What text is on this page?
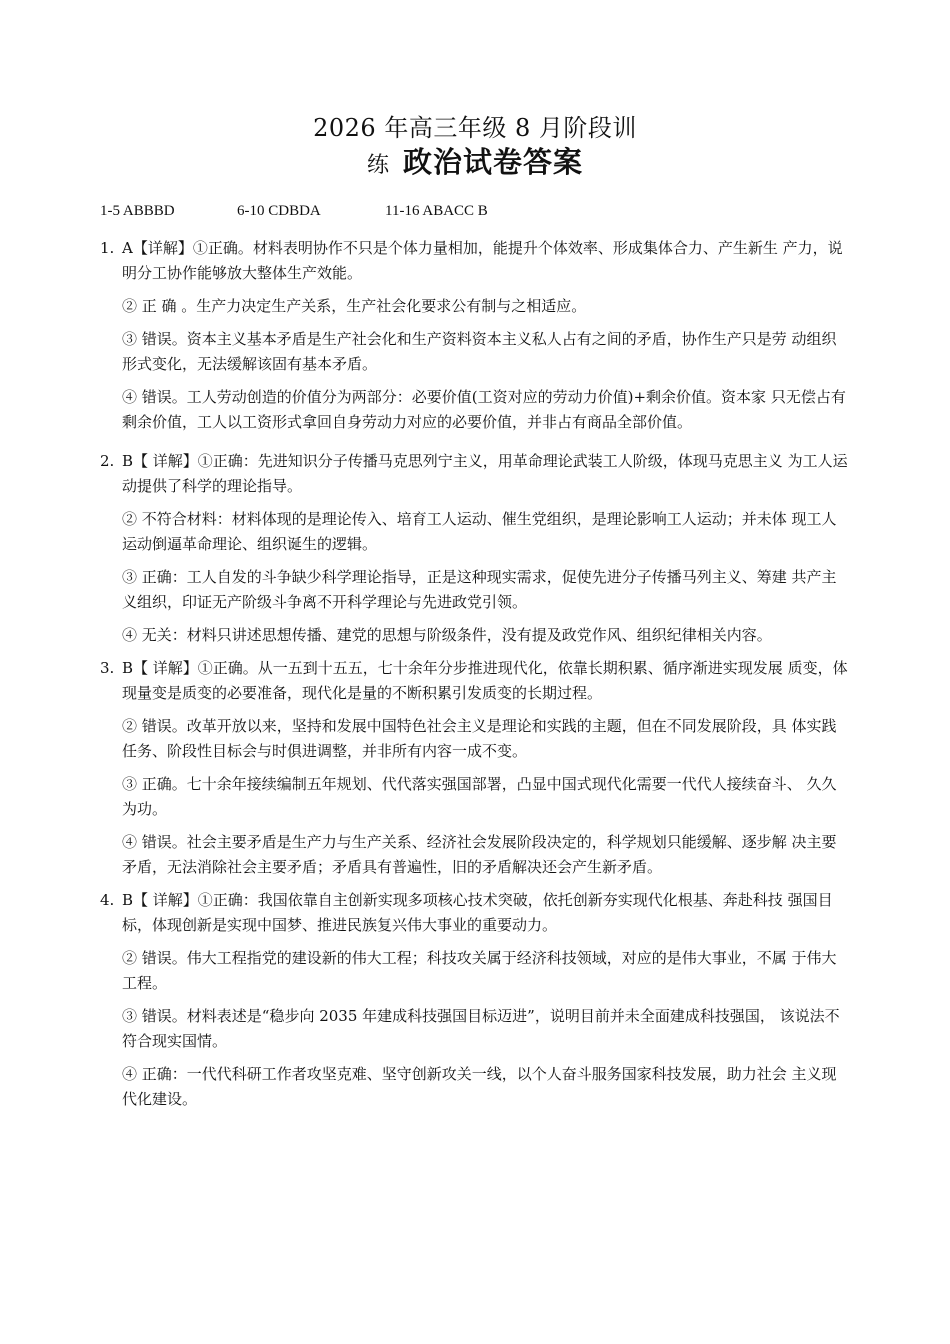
2026 年高三年级 8 月阶段训
练 政治试卷答案
1-5 ABBBD	6-10 CDBDA	11-16 ABACC B
1. A【详解】①正确。材料表明协作不只是个体力量相加，能提升个体效率、形成集体合力、产生新生 产力，说明分工协作能够放大整体生产效能。
② 正 确 。生产力决定生产关系，生产社会化要求公有制与之相适应。
③ 错误。资本主义基本矛盾是生产社会化和生产资料资本主义私人占有之间的矛盾，协作生产只是劳 动组织形式变化，无法缓解该固有基本矛盾。
④ 错误。工人劳动创造的价值分为两部分：必要价值(工资对应的劳动力价值)+剩余价值。资本家 只无偿占有剩余价值，工人以工资形式拿回自身劳动力对应的必要价值，并非占有商品全部价值。
2. B【 详解】①正确：先进知识分子传播马克思列宁主义，用革命理论武装工人阶级，体现马克思主义 为工人运动提供了科学的理论指导。
② 不符合材料：材料体现的是理论传入、培育工人运动、催生党组织，是理论影响工人运动；并未体 现工人运动倒逼革命理论、组织诞生的逻辑。
③ 正确：工人自发的斗争缺少科学理论指导，正是这种现实需求，促使先进分子传播马列主义、筹建 共产主义组织，印证无产阶级斗争离不开科学理论与先进政党引领。
④ 无关：材料只讲述思想传播、建党的思想与阶级条件，没有提及政党作风、组织纪律相关内容。
3. B【 详解】①正确。从一五到十五五，七十余年分步推进现代化，依靠长期积累、循序渐进实现发展 质变，体现量变是质变的必要准备，现代化是量的不断积累引发质变的长期过程。
② 错误。改革开放以来，坚持和发展中国特色社会主义是理论和实践的主题，但在不同发展阶段，具 体实践任务、阶段性目标会与时俱进调整，并非所有内容一成不变。
③ 正确。七十余年接续编制五年规划、代代落实强国部署，凸显中国式现代化需要一代代人接续奋斗、 久久为功。
④ 错误。社会主要矛盾是生产力与生产关系、经济社会发展阶段决定的，科学规划只能缓解、逐步解 决主要矛盾，无法消除社会主要矛盾；矛盾具有普遍性，旧的矛盾解决还会产生新矛盾。
4. B【 详解】①正确：我国依靠自主创新实现多项核心技术突破，依托创新夯实现代化根基、奔赴科技 强国目标，体现创新是实现中国梦、推进民族复兴伟大事业的重要动力。
② 错误。伟大工程指党的建设新的伟大工程；科技攻关属于经济科技领域，对应的是伟大事业，不属 于伟大工程。
③ 错误。材料表述是“稳步向 2035 年建成科技强国目标迈进”，说明目前并未全面建成科技强国， 该说法不符合现实国情。
④ 正确：一代代科研工作者攻坚克难、坚守创新攻关一线，以个人奋斗服务国家科技发展，助力社会 主义现代化建设。
